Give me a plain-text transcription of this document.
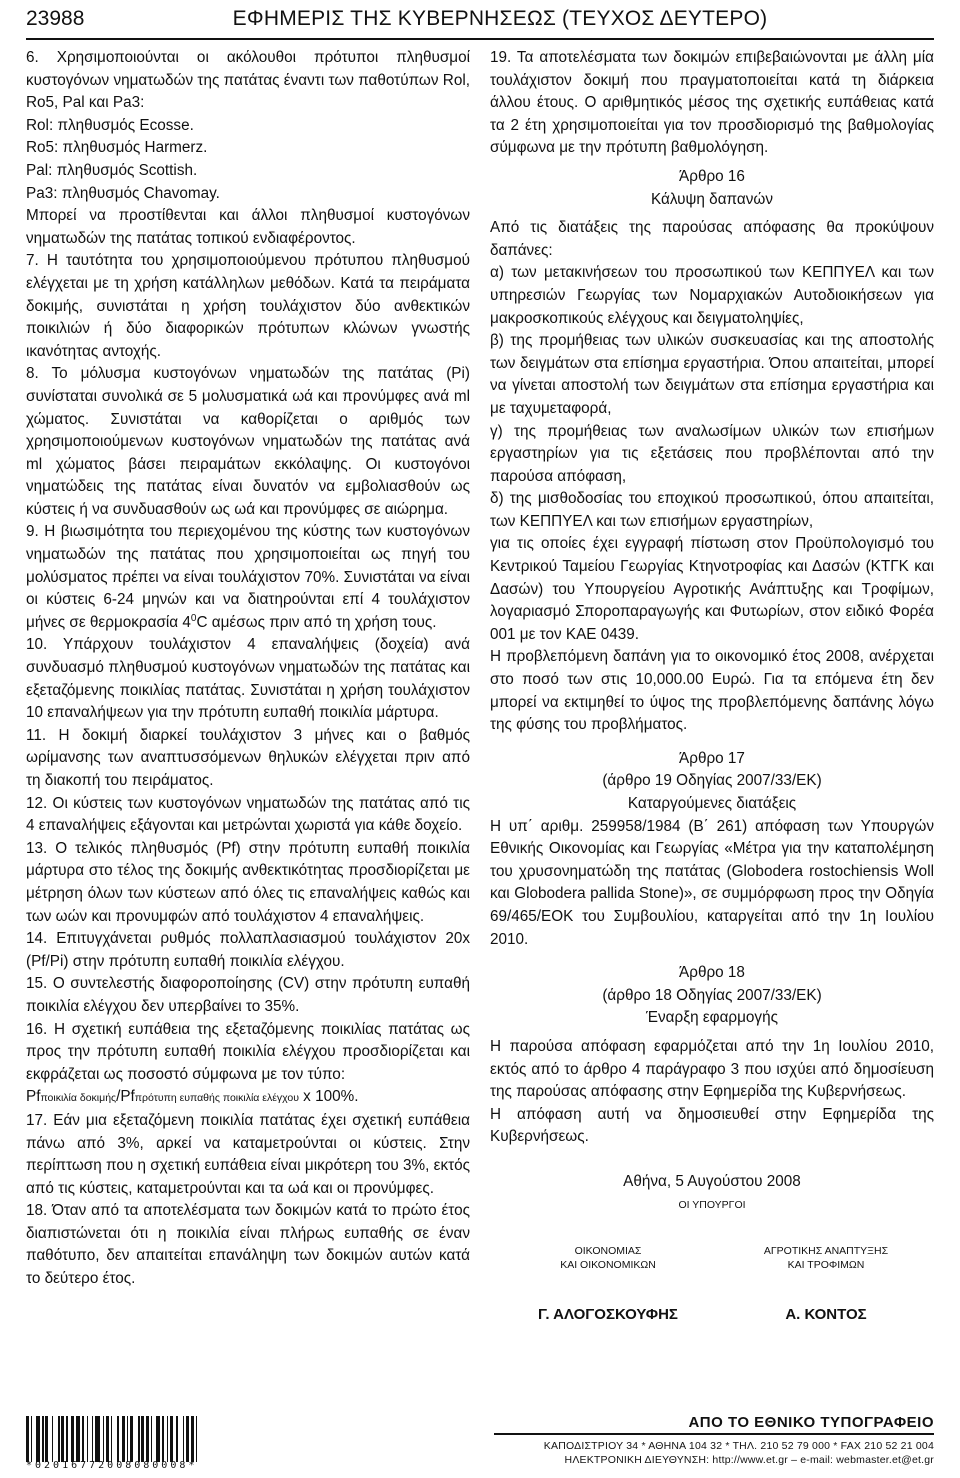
23988	ΕΦΗΜΕΡΙΣ ΤΗΣ ΚΥΒΕΡΝΗΣΕΩΣ (ΤΕΥΧΟΣ ΔΕΥΤΕΡΟ)

6. Χρησιμοποιούνται οι ακόλουθοι πρότυποι πληθυσμοί κυστογόνων νηματωδών της πατάτας έναντι των παθοτύπων Rol, Ro5, Pal και Pa3:

Rol: πληθυσμός Ecosse.

Ro5: πληθυσμός Harmerz.

Pal: πληθυσμός Scottish.

Pa3: πληθυσμός Chavomay.

Μπορεί να προστίθενται και άλλοι πληθυσμοί κυστογόνων νηματωδών της πατάτας τοπικού ενδιαφέροντος.

7. Η ταυτότητα του χρησιμοποιούμενου πρότυπου πληθυσμού ελέγχεται με τη χρήση κατάλληλων μεθόδων. Κατά τα πειράματα δοκιμής, συνιστάται η χρήση τουλάχιστον δύο ανθεκτικών ποικιλιών ή δύο διαφορικών πρότυπων κλώνων γνωστής ικανότητας αντοχής.

8. Το μόλυσμα κυστογόνων νηματωδών της πατάτας (Pi) συνίσταται συνολικά σε 5 μολυσματικά ωά και προνύμφες ανά ml χώματος. Συνιστάται να καθορίζεται ο αριθμός των χρησιμοποιούμενων κυστογόνων νηματωδών της πατάτας ανά ml χώματος βάσει πειραμάτων εκκόλαψης. Οι κυστογόνοι νηματώδεις της πατάτας είναι δυνατόν να εμβολιασθούν ως κύστεις ή να συνδυασθούν ως ωά και προνύμφες σε αιώρημα.

9. Η βιωσιμότητα του περιεχομένου της κύστης των κυστογόνων νηματωδών της πατάτας που χρησιμοποιείται ως πηγή του μολύσματος πρέπει να είναι τουλάχιστον 70%. Συνιστάται να είναι οι κύστεις 6-24 μηνών και να διατηρούνται επί 4 τουλάχιστον μήνες σε θερμοκρασία $4^0C$ αμέσως πριν από τη χρήση τους.

10. Υπάρχουν τουλάχιστον 4 επαναλήψεις (δοχεία) ανά συνδυασμό πληθυσμού κυστογόνων νηματωδών της πατάτας και εξεταζόμενης ποικιλίας πατάτας. Συνιστάται η χρήση τουλάχιστον 10 επαναλήψεων για την πρότυπη ευπαθή ποικιλία μάρτυρα.

11. Η δοκιμή διαρκεί τουλάχιστον 3 μήνες και ο βαθμός ωρίμανσης των αναπτυσσόμενων θηλυκών ελέγχεται πριν από τη διακοπή του πειράματος.

12. Οι κύστεις των κυστογόνων νηματωδών της πατάτας από τις 4 επαναλήψεις εξάγονται και μετρώνται χωριστά για κάθε δοχείο.

13. Ο τελικός πληθυσμός (Pf) στην πρότυπη ευπαθή ποικιλία μάρτυρα στο τέλος της δοκιμής ανθεκτικότητας προσδιορίζεται με μέτρηση όλων των κύστεων από όλες τις επαναλήψεις καθώς και των ωών και προνυμφών από τουλάχιστον 4 επαναλήψεις.

14. Επιτυγχάνεται ρυθμός πολλαπλασιασμού τουλάχιστον 20x (Pf/Pi) στην πρότυπη ευπαθή ποικιλία ελέγχου.

15. Ο συντελεστής διαφοροποίησης (CV) στην πρότυπη ευπαθή ποικιλία ελέγχου δεν υπερβαίνει το 35%.

16. Η σχετική ευπάθεια της εξεταζόμενης ποικιλίας πατάτας ως προς την πρότυπη ευπαθή ποικιλία ελέγχου προσδιορίζεται και εκφράζεται ως ποσοστό σύμφωνα με τον τύπο:

Pfποικιλία δοκιμής/Pfπρότυπη ευπαθής ποικιλία ελέγχου x 100%.

17. Εάν μια εξεταζόμενη ποικιλία πατάτας έχει σχετική ευπάθεια πάνω από 3%, αρκεί να καταμετρούνται οι κύστεις. Στην περίπτωση που η σχετική ευπάθεια είναι μικρότερη του 3%, εκτός από τις κύστεις, καταμετρούνται και τα ωά και οι προνύμφες.

18. Όταν από τα αποτελέσματα των δοκιμών κατά το πρώτο έτος διαπιστώνεται ότι η ποικιλία είναι πλήρως ευπαθής σε έναν παθότυπο, δεν απαιτείται επανάληψη των δοκιμών αυτών κατά το δεύτερο έτος.

19. Τα αποτελέσματα των δοκιμών επιβεβαιώνονται με άλλη μία τουλάχιστον δοκιμή που πραγματοποιείται κατά τη διάρκεια άλλου έτους. Ο αριθμητικός μέσος της σχετικής ευπάθειας κατά τα 2 έτη χρησιμοποιείται για τον προσδιορισμό της βαθμολογίας σύμφωνα με την πρότυπη βαθμολόγηση.

Άρθρο 16

Κάλυψη δαπανών

Από τις διατάξεις της παρούσας απόφασης θα προκύψουν δαπάνες:

α) των μετακινήσεων του προσωπικού των ΚΕΠΠΥΕΛ και των υπηρεσιών Γεωργίας των Νομαρχιακών Αυτοδιοικήσεων για μακροσκοπικούς ελέγχους και δειγματοληψίες,

β) της προμήθειας των υλικών συσκευασίας και της αποστολής των δειγμάτων στα επίσημα εργαστήρια. Όπου απαιτείται, μπορεί να γίνεται αποστολή των δειγμάτων στα επίσημα εργαστήρια και με ταχυμεταφορά,

γ) της προμήθειας των αναλωσίμων υλικών των επισήμων εργαστηρίων για τις εξετάσεις που προβλέπονται από την παρούσα απόφαση,

δ) της μισθοδοσίας του εποχικού προσωπικού, όπου απαιτείται, των ΚΕΠΠΥΕΛ και των επισήμων εργαστηρίων,

για τις οποίες έχει εγγραφή πίστωση στον Προϋπολογισμό του Κεντρικού Ταμείου Γεωργίας Κτηνοτροφίας και Δασών (ΚΤΓΚ και Δασών) του Υπουργείου Αγροτικής Ανάπτυξης και Τροφίμων, λογαριασμό Σποροπαραγωγής και Φυτωρίων, στον ειδικό Φορέα 001 με τον ΚΑΕ 0439.

Η προβλεπόμενη δαπάνη για το οικονομικό έτος 2008, ανέρχεται στο ποσό των στις 10,000.00 Ευρώ. Για τα επόμενα έτη δεν μπορεί να εκτιμηθεί το ύψος της προβλεπόμενης δαπάνης λόγω της φύσης του προβλήματος.

Άρθρο 17

(άρθρο 19 Οδηγίας 2007/33/ΕΚ)

Καταργούμενες διατάξεις

Η υπ΄ αριθμ. 259958/1984 (Β΄ 261) απόφαση των Υπουργών Εθνικής Οικονομίας και Γεωργίας «Μέτρα για την καταπολέμηση του χρυσονηματώδη της πατάτας (Globodera rostochiensis Woll και Globodera pallida Stone)», σε συμμόρφωση προς την Οδηγία 69/465/ΕΟΚ του Συμβουλίου, καταργείται από την 1η Ιουλίου 2010.

Άρθρο 18

(άρθρο 18 Οδηγίας 2007/33/ΕΚ)

Έναρξη εφαρμογής

Η παρούσα απόφαση εφαρμόζεται από την 1η Ιουλίου 2010, εκτός από το άρθρο 4 παράγραφο 3 που ισχύει από δημοσίευση της παρούσας απόφασης στην Εφημερίδα της Κυβερνήσεως.

Η απόφαση αυτή να δημοσιευθεί στην Εφημερίδα της Κυβερνήσεως.

Αθήνα, 5 Αυγούστου 2008

ΟΙ ΥΠΟΥΡΓΟΙ
ΟΙΚΟΝΟΜΙΑΣ
ΚΑΙ ΟΙΚΟΝΟΜΙΚΩΝ
ΑΓΡΟΤΙΚΗΣ ΑΝΑΠΤΥΞΗΣ
ΚΑΙ ΤΡΟΦΙΜΩΝ
Γ. ΑΛΟΓΟΣΚΟΥΦΗΣ	Α. ΚΟΝΤΟΣ
*02016772008080008*
ΑΠΟ ΤΟ ΕΘΝΙΚΟ ΤΥΠΟΓΡΑΦΕΙΟ
ΚΑΠΟΔΙΣΤΡΙΟΥ 34 * ΑΘΗΝΑ 104 32 * ΤΗΛ. 210 52 79 000 * FAX 210 52 21 004
ΗΛΕΚΤΡΟΝΙΚΗ ΔΙΕΥΘΥΝΣΗ: http://www.et.gr – e-mail: webmaster.et@et.gr
